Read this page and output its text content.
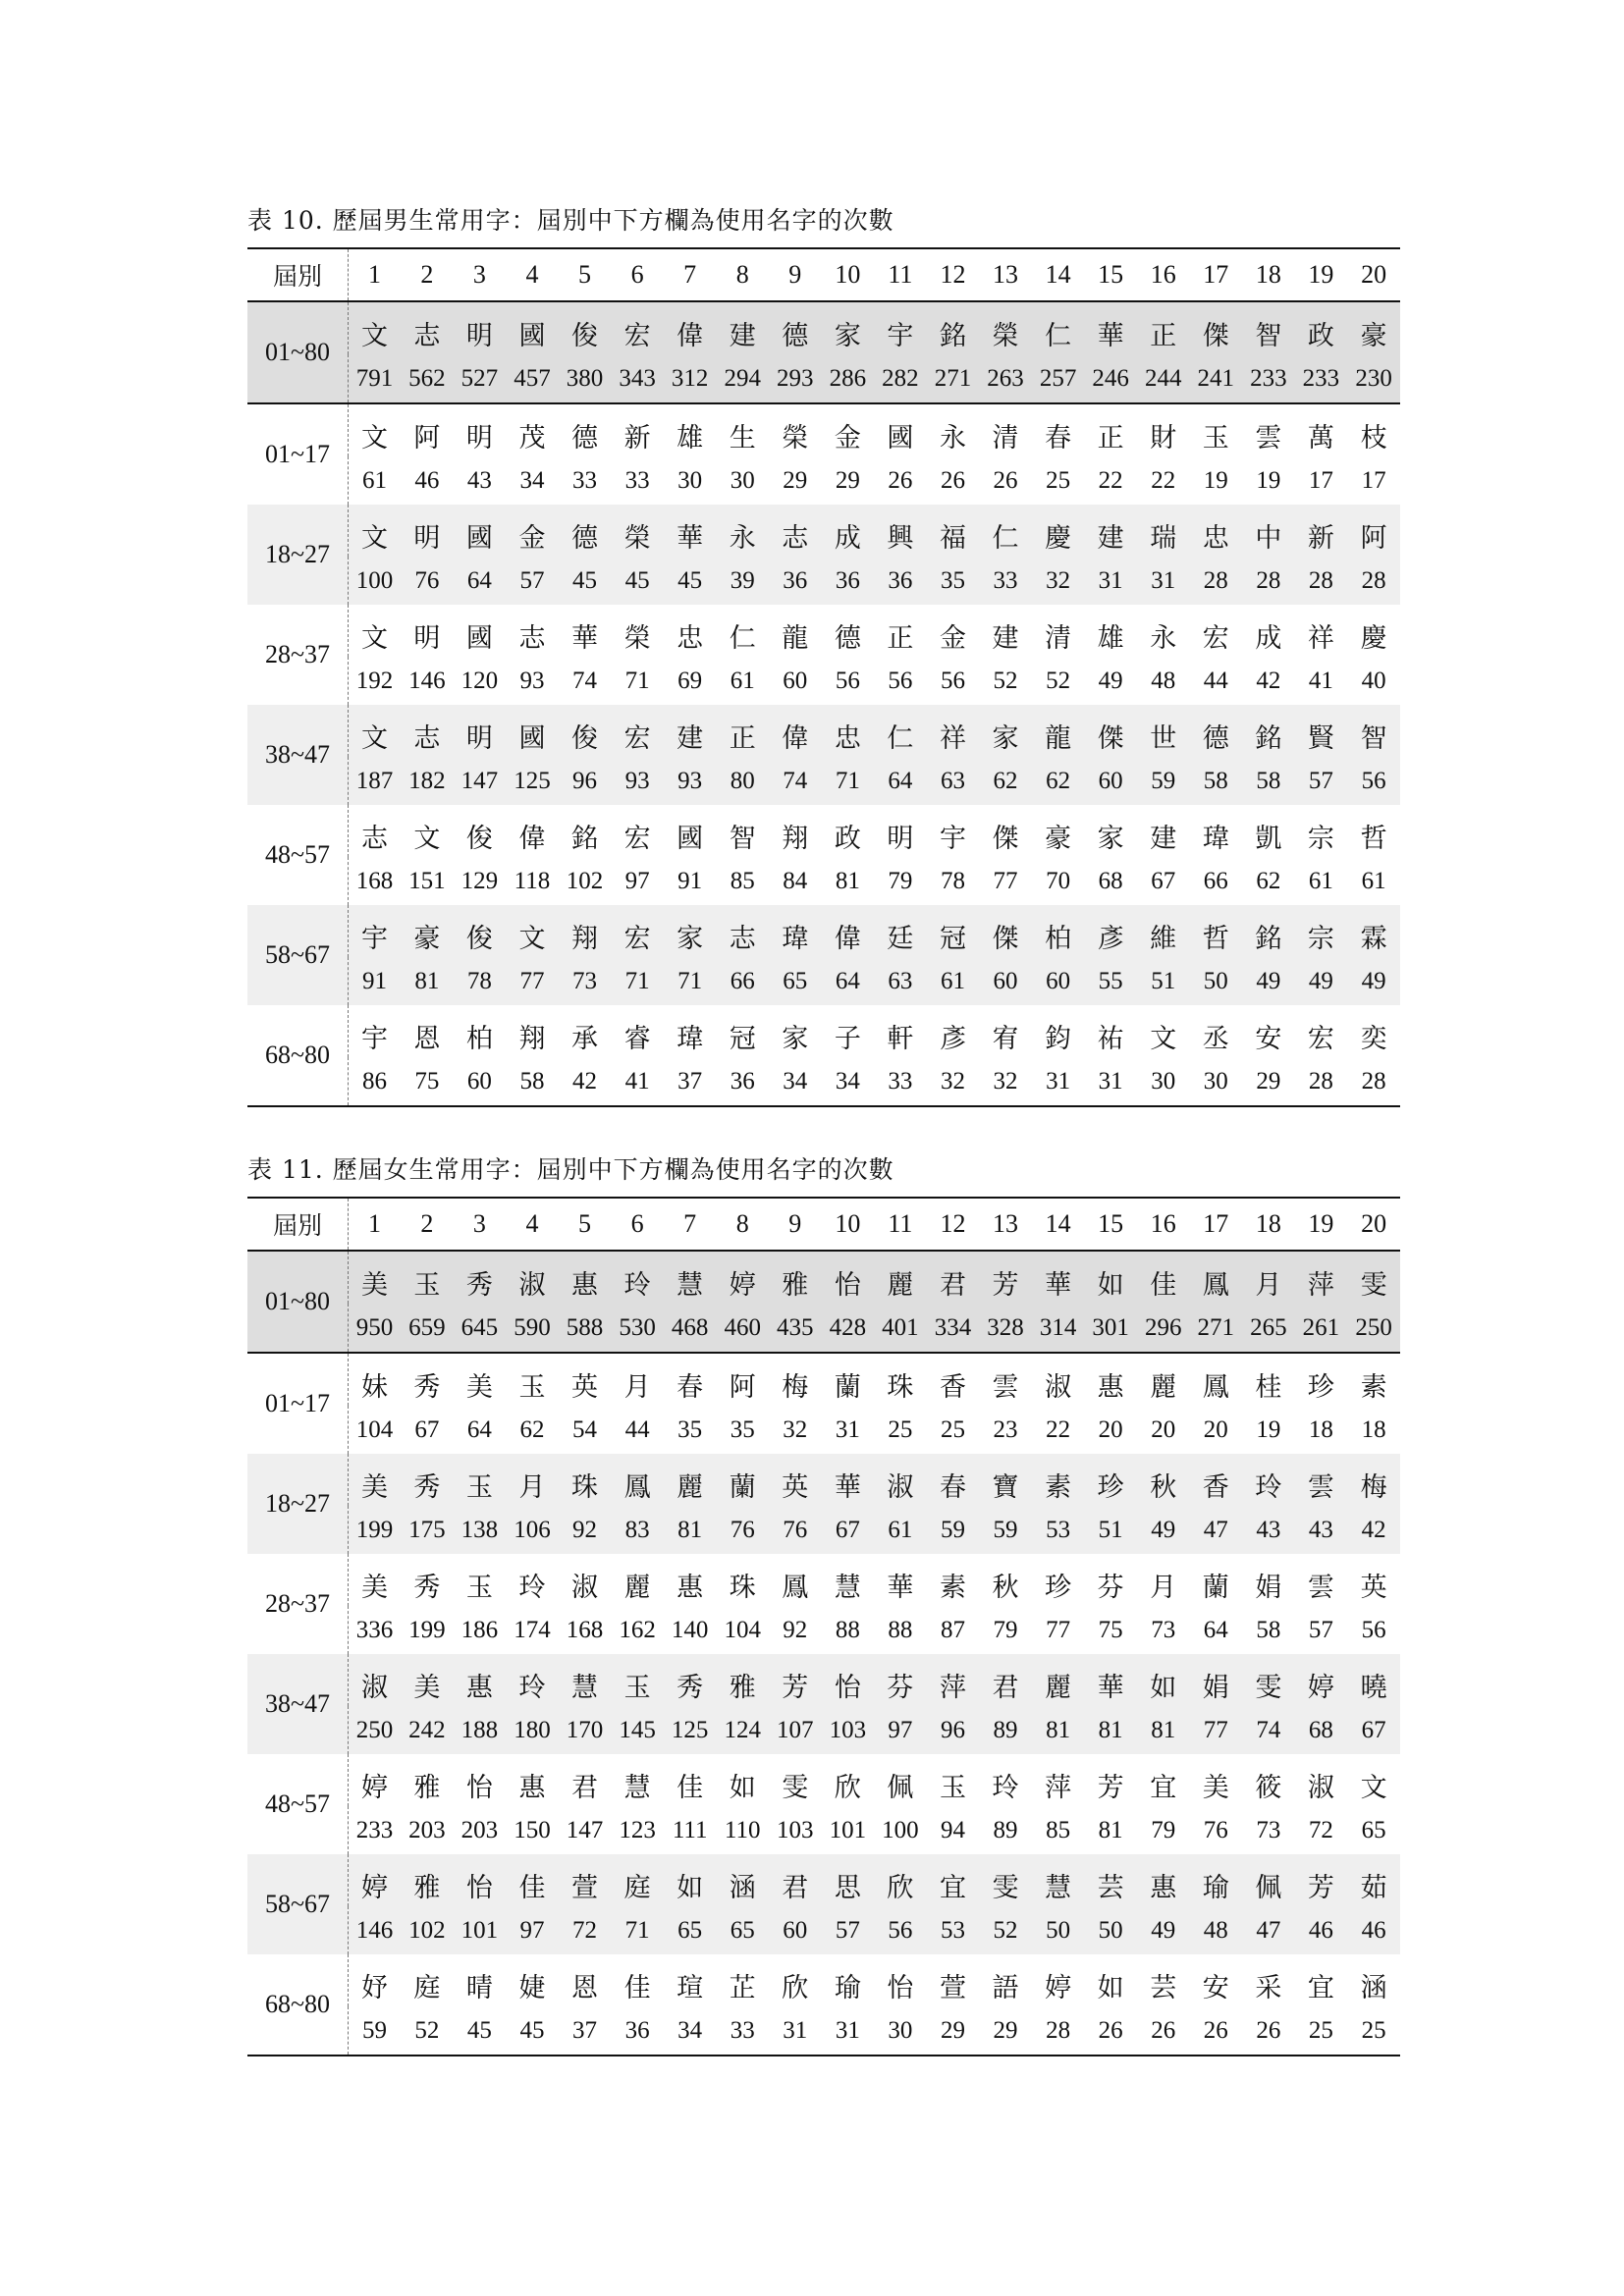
表 10. 歷屆男生常用字：屆別中下方欄為使用名字的次數
屆別	1	2	3	4	5	6	7	8	9	10	11	12	13	14	15	16	17	18	19	20
01~80	文	志	明	國	俊	宏	偉	建	德	家	宇	銘	榮	仁	華	正	傑	智	政	豪
	791	562	527	457	380	343	312	294	293	286	282	271	263	257	246	244	241	233	233	230
01~17	文	阿	明	茂	德	新	雄	生	榮	金	國	永	清	春	正	財	玉	雲	萬	枝
	61	46	43	34	33	33	30	30	29	29	26	26	26	25	22	22	19	19	17	17
18~27	文	明	國	金	德	榮	華	永	志	成	興	福	仁	慶	建	瑞	忠	中	新	阿
	100	76	64	57	45	45	45	39	36	36	36	35	33	32	31	31	28	28	28	28
28~37	文	明	國	志	華	榮	忠	仁	龍	德	正	金	建	清	雄	永	宏	成	祥	慶
	192	146	120	93	74	71	69	61	60	56	56	56	52	52	49	48	44	42	41	40
38~47	文	志	明	國	俊	宏	建	正	偉	忠	仁	祥	家	龍	傑	世	德	銘	賢	智
	187	182	147	125	96	93	93	80	74	71	64	63	62	62	60	59	58	58	57	56
48~57	志	文	俊	偉	銘	宏	國	智	翔	政	明	宇	傑	豪	家	建	瑋	凱	宗	哲
	168	151	129	118	102	97	91	85	84	81	79	78	77	70	68	67	66	62	61	61
58~67	宇	豪	俊	文	翔	宏	家	志	瑋	偉	廷	冠	傑	柏	彥	維	哲	銘	宗	霖
	91	81	78	77	73	71	71	66	65	64	63	61	60	60	55	51	50	49	49	49
68~80	宇	恩	柏	翔	承	睿	瑋	冠	家	子	軒	彥	宥	鈞	祐	文	丞	安	宏	奕
	86	75	60	58	42	41	37	36	34	34	33	32	32	31	31	30	30	29	28	28
表 11. 歷屆女生常用字：屆別中下方欄為使用名字的次數
屆別	1	2	3	4	5	6	7	8	9	10	11	12	13	14	15	16	17	18	19	20
01~80	美	玉	秀	淑	惠	玲	慧	婷	雅	怡	麗	君	芳	華	如	佳	鳳	月	萍	雯
	950	659	645	590	588	530	468	460	435	428	401	334	328	314	301	296	271	265	261	250
01~17	妹	秀	美	玉	英	月	春	阿	梅	蘭	珠	香	雲	淑	惠	麗	鳳	桂	珍	素
	104	67	64	62	54	44	35	35	32	31	25	25	23	22	20	20	20	19	18	18
18~27	美	秀	玉	月	珠	鳳	麗	蘭	英	華	淑	春	寶	素	珍	秋	香	玲	雲	梅
	199	175	138	106	92	83	81	76	76	67	61	59	59	53	51	49	47	43	43	42
28~37	美	秀	玉	玲	淑	麗	惠	珠	鳳	慧	華	素	秋	珍	芬	月	蘭	娟	雲	英
	336	199	186	174	168	162	140	104	92	88	88	87	79	77	75	73	64	58	57	56
38~47	淑	美	惠	玲	慧	玉	秀	雅	芳	怡	芬	萍	君	麗	華	如	娟	雯	婷	曉
	250	242	188	180	170	145	125	124	107	103	97	96	89	81	81	81	77	74	68	67
48~57	婷	雅	怡	惠	君	慧	佳	如	雯	欣	佩	玉	玲	萍	芳	宜	美	筱	淑	文
	233	203	203	150	147	123	111	110	103	101	100	94	89	85	81	79	76	73	72	65
58~67	婷	雅	怡	佳	萱	庭	如	涵	君	思	欣	宜	雯	慧	芸	惠	瑜	佩	芳	茹
	146	102	101	97	72	71	65	65	60	57	56	53	52	50	50	49	48	47	46	46
68~80	妤	庭	晴	婕	恩	佳	瑄	芷	欣	瑜	怡	萱	語	婷	如	芸	安	采	宜	涵
	59	52	45	45	37	36	34	33	31	31	30	29	29	28	26	26	26	26	25	25
